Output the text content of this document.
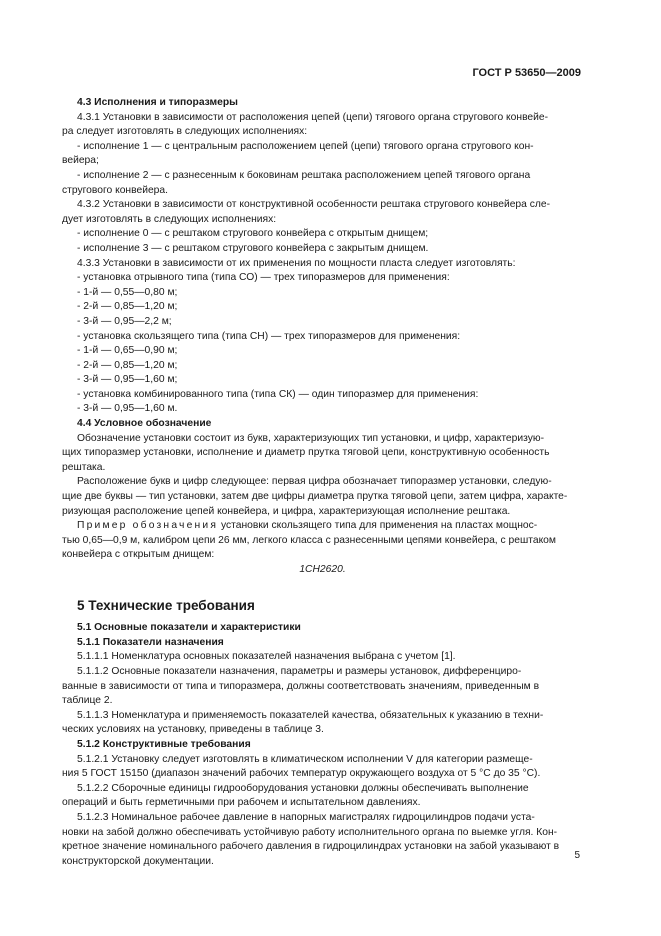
ГОСТ Р 53650—2009

4.3 Исполнения и типоразмеры

4.3.1 Установки в зависимости от расположения цепей (цепи) тягового органа стругового конвейе-

ра следует изготовлять в следующих исполнениях:

- исполнение 1 — с центральным расположением цепей (цепи) тягового органа стругового кон-

вейера;

- исполнение 2 — с разнесенным к боковинам рештака расположением цепей тягового органа

стругового конвейера.

4.3.2 Установки в зависимости от конструктивной особенности рештака стругового конвейера сле-

дует изготовлять в следующих исполнениях:

- исполнение 0 — с рештаком стругового конвейера с открытым днищем;

- исполнение 3 — с рештаком стругового конвейера с закрытым днищем.

4.3.3 Установки в зависимости от их применения по мощности пласта следует изготовлять:

- установка отрывного типа (типа СО) — трех типоразмеров для применения:

- 1-й — 0,55—0,80 м;

- 2-й — 0,85—1,20 м;

- 3-й — 0,95—2,2 м;

- установка скользящего типа (типа СН) — трех типоразмеров для применения:

- 1-й — 0,65—0,90 м;

- 2-й — 0,85—1,20 м;

- 3-й — 0,95—1,60 м;

- установка комбинированного типа (типа СК) — один типоразмер для применения:

- 3-й — 0,95—1,60 м.

4.4 Условное обозначение

Обозначение установки состоит из букв, характеризующих тип установки, и цифр, характеризую-

щих типоразмер установки, исполнение и диаметр прутка тяговой цепи, конструктивную особенность

рештака.

Расположение букв и цифр следующее: первая цифра обозначает типоразмер установки, следую-

щие две буквы — тип установки, затем две цифры диаметра прутка тяговой цепи, затем цифра, характе-

ризующая расположение цепей конвейера, и цифра, характеризующая исполнение рештака.

Пример обозначения установки скользящего типа для применения на пластах мощнос-

тью 0,65—0,9 м, калибром цепи 26 мм, легкого класса с разнесенными цепями конвейера, с рештаком

конвейера с открытым днищем:

1СН2620.

5 Технические требования

5.1 Основные показатели и характеристики

5.1.1 Показатели назначения

5.1.1.1 Номенклатура основных показателей назначения выбрана с учетом [1].

5.1.1.2 Основные показатели назначения, параметры и размеры установок, дифференциро-

ванные в зависимости от типа и типоразмера, должны соответствовать значениям, приведенным в

таблице 2.

5.1.1.3 Номенклатура и применяемость показателей качества, обязательных к указанию в техни-

ческих условиях на установку, приведены в таблице 3.

5.1.2 Конструктивные требования

5.1.2.1 Установку следует изготовлять в климатическом исполнении V для категории размеще-

ния 5 ГОСТ 15150 (диапазон значений рабочих температур окружающего воздуха от 5 °С до 35 °С).

5.1.2.2 Сборочные единицы гидрооборудования установки должны обеспечивать выполнение

операций и быть герметичными при рабочем и испытательном давлениях.

5.1.2.3 Номинальное рабочее давление в напорных магистралях гидроцилиндров подачи уста-

новки на забой должно обеспечивать устойчивую работу исполнительного органа по выемке угля. Кон-

кретное значение номинального рабочего давления в гидроцилиндрах установки на забой указывают в

конструкторской документации.

5
